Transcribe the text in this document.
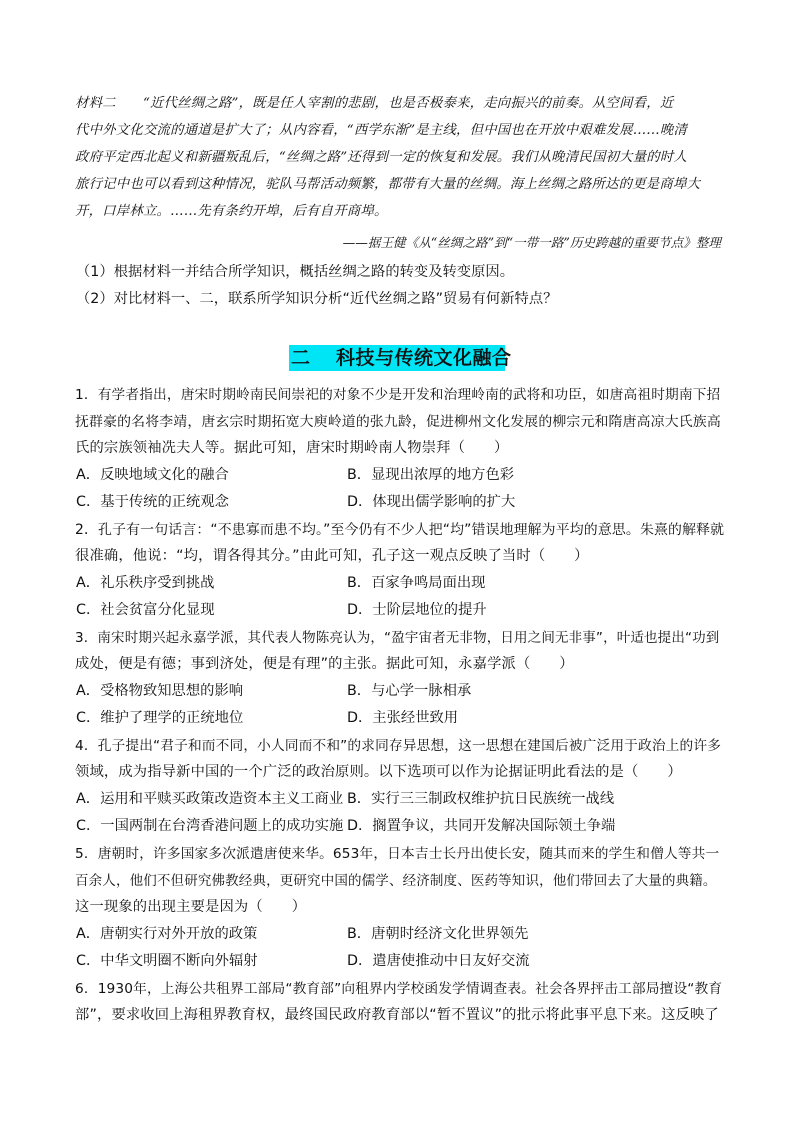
材料二　　“近代丝绸之路”，既是任人宰割的悲剧，也是否极泰来，走向振兴的前奏。从空间看，近

代中外文化交流的通道是扩大了；从内容看，“西学东渐”是主线，但中国也在开放中艰难发展……晚清

政府平定西北起义和新疆叛乱后，“丝绸之路”还得到一定的恢复和发展。我们从晚清民国初大量的时人

旅行记中也可以看到这种情况，驼队马帮活动频繁，都带有大量的丝绸。海上丝绸之路所达的更是商埠大

开，口岸林立。……先有条约开埠，后有自开商埠。

——据王健《从“丝绸之路”到“一带一路”历史跨越的重要节点》整理
（1）根据材料一并结合所学知识，概括丝绸之路的转变及转变原因。
（2）对比材料一、二，联系所学知识分析“近代丝绸之路”贸易有何新特点？
二 科技与传统文化融合
1．有学者指出，唐宋时期岭南民间崇祀的对象不少是开发和治理岭南的武将和功臣，如唐高祖时期南下招
抚群豪的名将李靖，唐玄宗时期拓宽大庾岭道的张九龄，促进柳州文化发展的柳宗元和隋唐高凉大氏族高
氏的宗族领袖冼夫人等。据此可知，唐宋时期岭南人物崇拜（　　）
A．反映地域文化的融合	B．显现出浓厚的地方色彩
C．基于传统的正统观念	D．体现出儒学影响的扩大
2．孔子有一句话言：“不患寡而患不均。”至今仍有不少人把“均”错误地理解为平均的意思。朱熹的解释就
很准确，他说：“均，谓各得其分。”由此可知，孔子这一观点反映了当时（　　）
A．礼乐秩序受到挑战	B．百家争鸣局面出现
C．社会贫富分化显现	D．士阶层地位的提升
3．南宋时期兴起永嘉学派，其代表人物陈亮认为，“盈宇宙者无非物，日用之间无非事”，叶适也提出“功到
成处，便是有德；事到济处，便是有理”的主张。据此可知，永嘉学派（　　）
A．受格物致知思想的影响	B．与心学一脉相承
C．维护了理学的正统地位	D．主张经世致用
4．孔子提出“君子和而不同，小人同而不和”的求同存异思想，这一思想在建国后被广泛用于政治上的许多
领域，成为指导新中国的一个广泛的政治原则。以下选项可以作为论据证明此看法的是（　　）
A．运用和平赎买政策改造资本主义工商业 B．实行三三制政权维护抗日民族统一战线
C．一国两制在台湾香港问题上的成功实施 D．搁置争议，共同开发解决国际领土争端
5．唐朝时，许多国家多次派遣唐使来华。653年，日本吉士长丹出使长安，随其而来的学生和僧人等共一
百余人，他们不但研究佛教经典，更研究中国的儒学、经济制度、医药等知识，他们带回去了大量的典籍。
这一现象的出现主要是因为（　　）
A．唐朝实行对外开放的政策	B．唐朝时经济文化世界领先
C．中华文明圈不断向外辐射	D．遣唐使推动中日友好交流
6．1930年，上海公共租界工部局“教育部”向租界内学校函发学情调查表。社会各界抨击工部局擅设“教育
部”，要求收回上海租界教育权，最终国民政府教育部以“暂不置议”的批示将此事平息下来。这反映了
